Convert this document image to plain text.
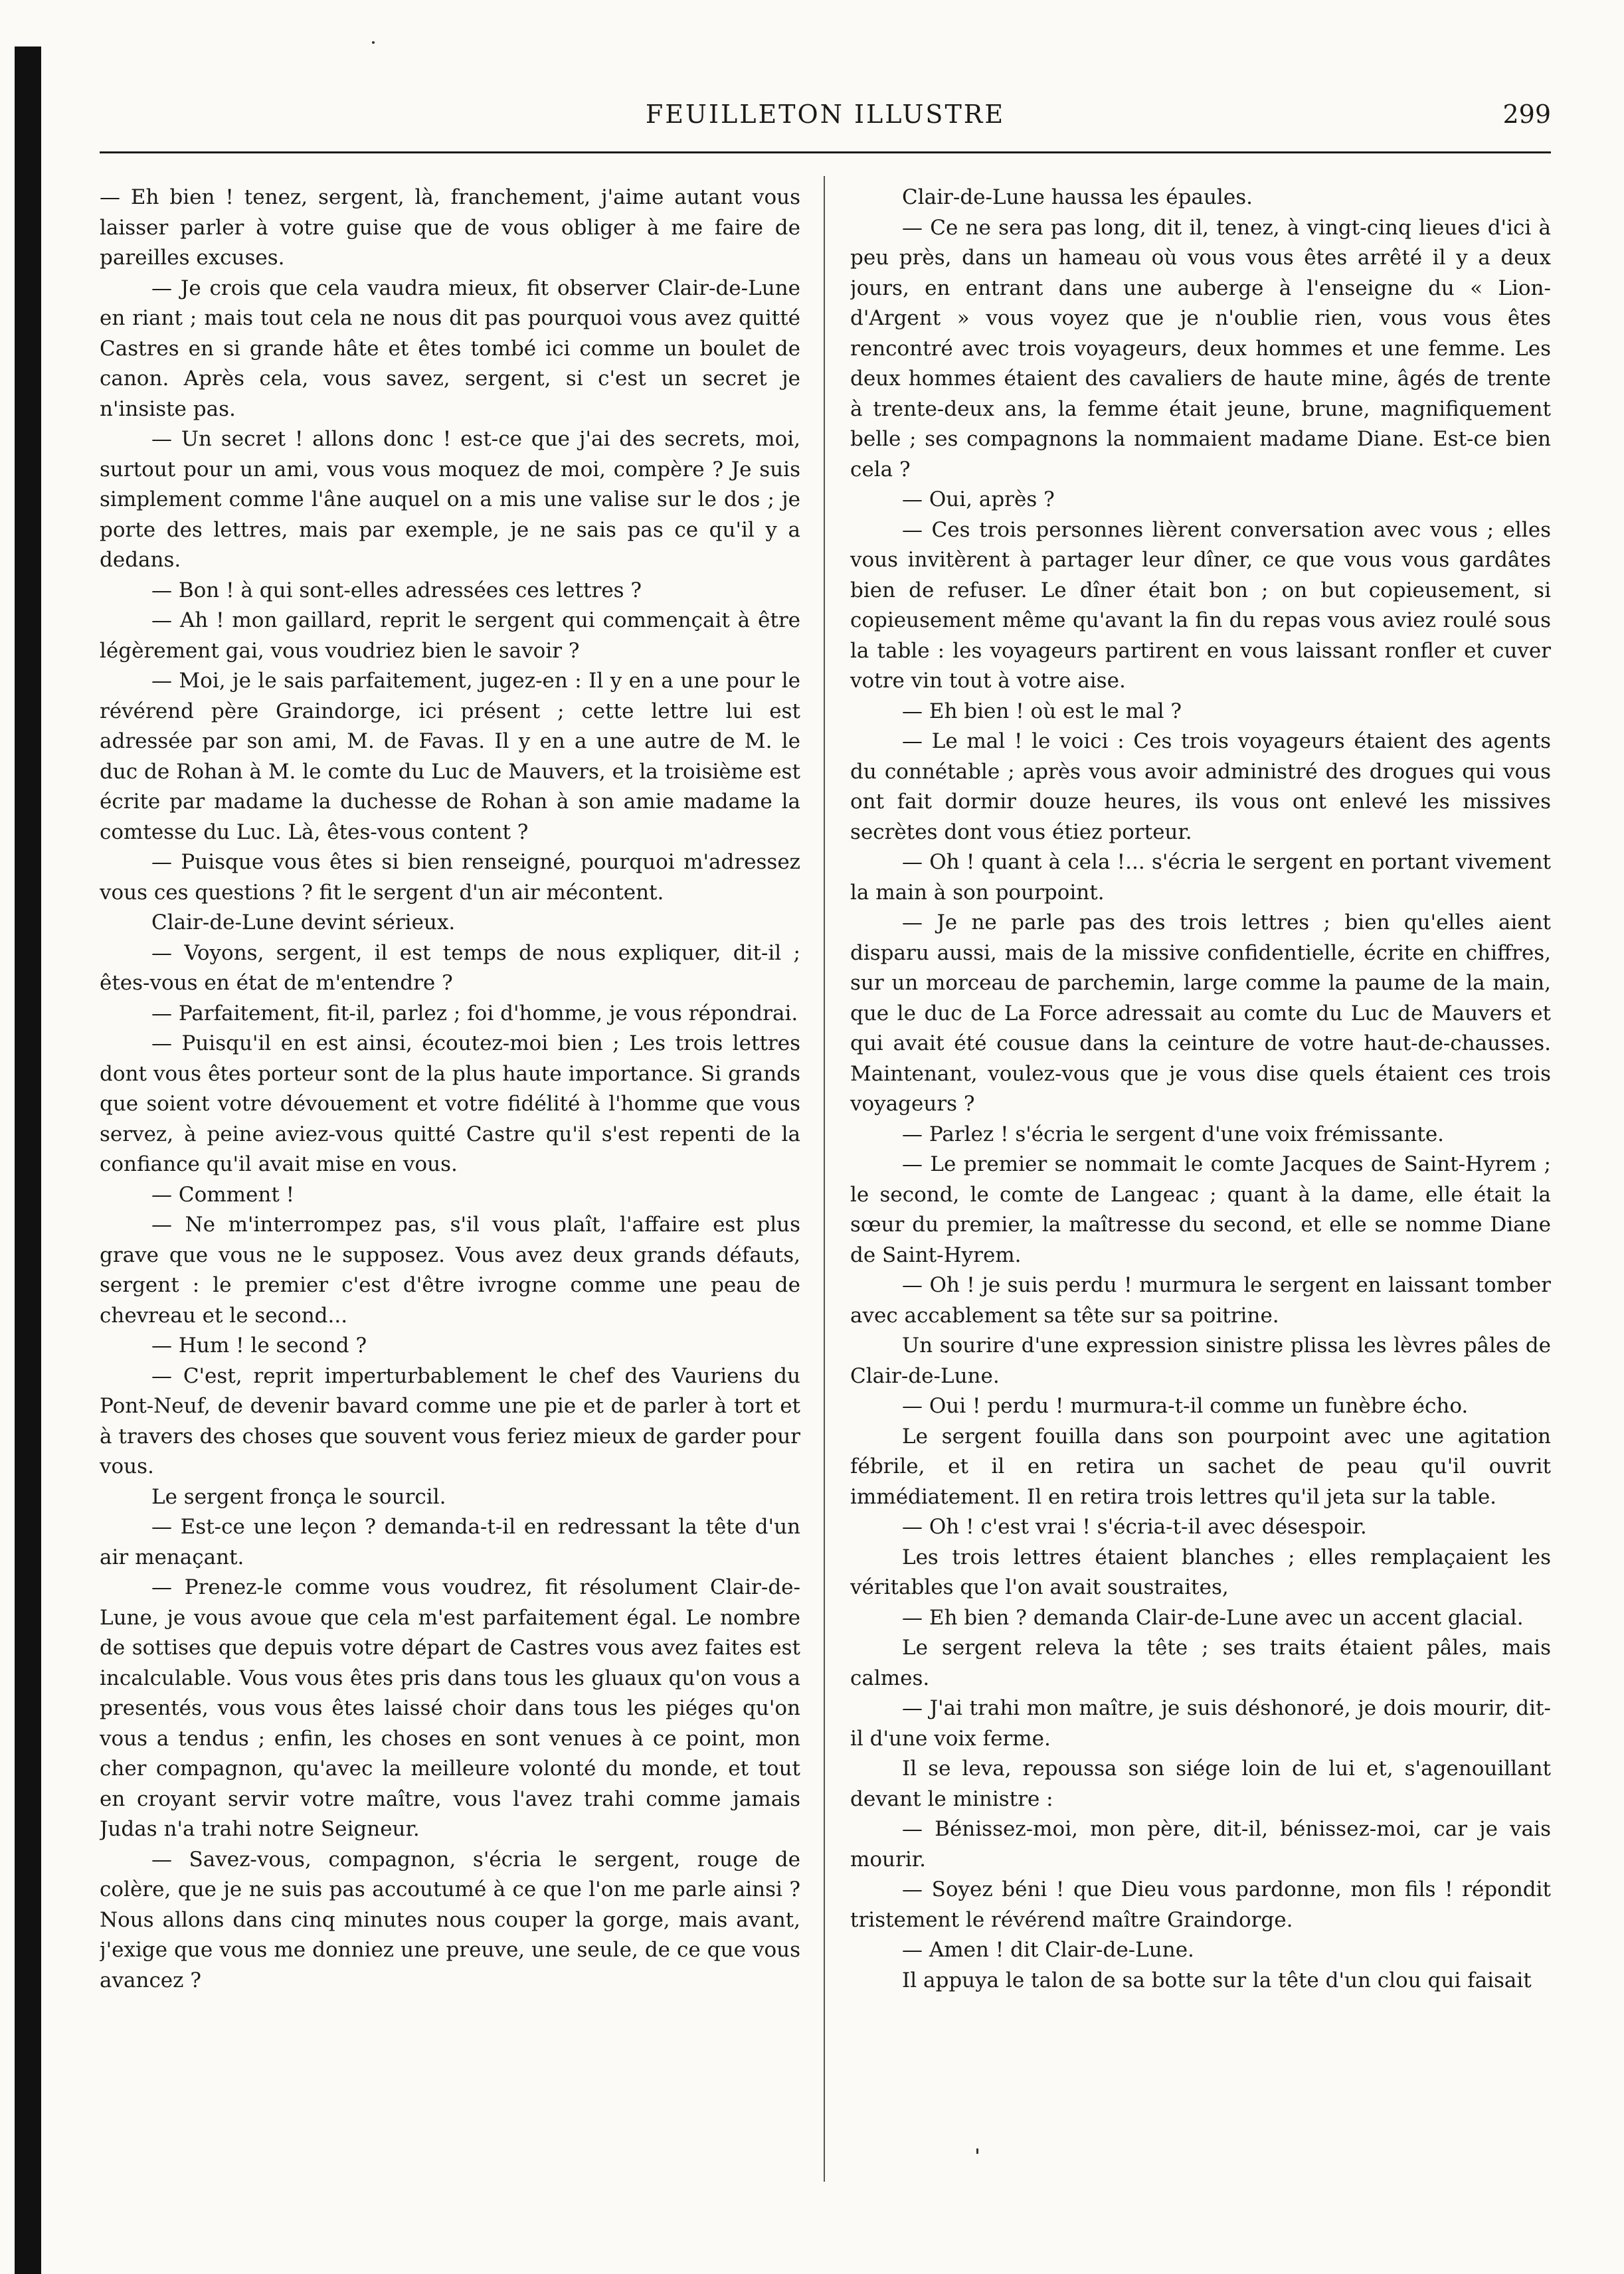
FEUILLETON ILLUSTRE	299

— Eh bien ! tenez, sergent, là, franchement, j'aime autant vous laisser parler à votre guise que de vous obliger à me faire de pareilles excuses.

— Je crois que cela vaudra mieux, fit observer Clair-de-Lune en riant ; mais tout cela ne nous dit pas pourquoi vous avez quitté Castres en si grande hâte et êtes tombé ici comme un boulet de canon. Après cela, vous savez, sergent, si c'est un secret je n'insiste pas.

— Un secret ! allons donc ! est-ce que j'ai des secrets, moi, surtout pour un ami, vous vous moquez de moi, compère ? Je suis simplement comme l'âne auquel on a mis une valise sur le dos ; je porte des lettres, mais par exemple, je ne sais pas ce qu'il y a dedans.

— Bon ! à qui sont-elles adressées ces lettres ?

— Ah ! mon gaillard, reprit le sergent qui commençait à être légèrement gai, vous voudriez bien le savoir ?

— Moi, je le sais parfaitement, jugez-en : Il y en a une pour le révérend père Graindorge, ici présent ; cette lettre lui est adressée par son ami, M. de Favas. Il y en a une autre de M. le duc de Rohan à M. le comte du Luc de Mauvers, et la troisième est écrite par madame la duchesse de Rohan à son amie madame la comtesse du Luc. Là, êtes-vous content ?

— Puisque vous êtes si bien renseigné, pourquoi m'adressez vous ces questions ? fit le sergent d'un air mécontent.

Clair-de-Lune devint sérieux.

— Voyons, sergent, il est temps de nous expliquer, dit-il ; êtes-vous en état de m'entendre ?

— Parfaitement, fit-il, parlez ; foi d'homme, je vous répondrai.

— Puisqu'il en est ainsi, écoutez-moi bien ; Les trois lettres dont vous êtes porteur sont de la plus haute importance. Si grands que soient votre dévouement et votre fidélité à l'homme que vous servez, à peine aviez-vous quitté Castre qu'il s'est repenti de la confiance qu'il avait mise en vous.

— Comment !

— Ne m'interrompez pas, s'il vous plaît, l'affaire est plus grave que vous ne le supposez. Vous avez deux grands défauts, sergent : le premier c'est d'être ivrogne comme une peau de chevreau et le second...

— Hum ! le second ?

— C'est, reprit imperturbablement le chef des Vauriens du Pont-Neuf, de devenir bavard comme une pie et de parler à tort et à travers des choses que souvent vous feriez mieux de garder pour vous.

Le sergent fronça le sourcil.

— Est-ce une leçon ? demanda-t-il en redressant la tête d'un air menaçant.

— Prenez-le comme vous voudrez, fit résolument Clair-de-Lune, je vous avoue que cela m'est parfaitement égal. Le nombre de sottises que depuis votre départ de Castres vous avez faites est incalculable. Vous vous êtes pris dans tous les gluaux qu'on vous a presentés, vous vous êtes laissé choir dans tous les piéges qu'on vous a tendus ; enfin, les choses en sont venues à ce point, mon cher compagnon, qu'avec la meilleure volonté du monde, et tout en croyant servir votre maître, vous l'avez trahi comme jamais Judas n'a trahi notre Seigneur.

— Savez-vous, compagnon, s'écria le sergent, rouge de colère, que je ne suis pas accoutumé à ce que l'on me parle ainsi ? Nous allons dans cinq minutes nous couper la gorge, mais avant, j'exige que vous me donniez une preuve, une seule, de ce que vous avancez ?

Clair-de-Lune haussa les épaules.

— Ce ne sera pas long, dit il, tenez, à vingt-cinq lieues d'ici à peu près, dans un hameau où vous vous êtes arrêté il y a deux jours, en entrant dans une auberge à l'enseigne du « Lion-d'Argent » vous voyez que je n'oublie rien, vous vous êtes rencontré avec trois voyageurs, deux hommes et une femme. Les deux hommes étaient des cavaliers de haute mine, âgés de trente à trente-deux ans, la femme était jeune, brune, magnifiquement belle ; ses compagnons la nommaient madame Diane. Est-ce bien cela ?

— Oui, après ?

— Ces trois personnes lièrent conversation avec vous ; elles vous invitèrent à partager leur dîner, ce que vous vous gardâtes bien de refuser. Le dîner était bon ; on but copieusement, si copieusement même qu'avant la fin du repas vous aviez roulé sous la table : les voyageurs partirent en vous laissant ronfler et cuver votre vin tout à votre aise.

— Eh bien ! où est le mal ?

— Le mal ! le voici : Ces trois voyageurs étaient des agents du connétable ; après vous avoir administré des drogues qui vous ont fait dormir douze heures, ils vous ont enlevé les missives secrètes dont vous étiez porteur.

— Oh ! quant à cela !... s'écria le sergent en portant vivement la main à son pourpoint.

— Je ne parle pas des trois lettres ; bien qu'elles aient disparu aussi, mais de la missive confidentielle, écrite en chiffres, sur un morceau de parchemin, large comme la paume de la main, que le duc de La Force adressait au comte du Luc de Mauvers et qui avait été cousue dans la ceinture de votre haut-de-chausses. Maintenant, voulez-vous que je vous dise quels étaient ces trois voyageurs ?

— Parlez ! s'écria le sergent d'une voix frémissante.

— Le premier se nommait le comte Jacques de Saint-Hyrem ; le second, le comte de Langeac ; quant à la dame, elle était la sœur du premier, la maîtresse du second, et elle se nomme Diane de Saint-Hyrem.

— Oh ! je suis perdu ! murmura le sergent en laissant tomber avec accablement sa tête sur sa poitrine.

Un sourire d'une expression sinistre plissa les lèvres pâles de Clair-de-Lune.

— Oui ! perdu ! murmura-t-il comme un funèbre écho.

Le sergent fouilla dans son pourpoint avec une agitation fébrile, et il en retira un sachet de peau qu'il ouvrit immédiatement. Il en retira trois lettres qu'il jeta sur la table.

— Oh ! c'est vrai ! s'écria-t-il avec désespoir.

Les trois lettres étaient blanches ; elles remplaçaient les véritables que l'on avait soustraites,

— Eh bien ? demanda Clair-de-Lune avec un accent glacial.

Le sergent releva la tête ; ses traits étaient pâles, mais calmes.

— J'ai trahi mon maître, je suis déshonoré, je dois mourir, dit-il d'une voix ferme.

Il se leva, repoussa son siége loin de lui et, s'agenouillant devant le ministre :

— Bénissez-moi, mon père, dit-il, bénissez-moi, car je vais mourir.

— Soyez béni ! que Dieu vous pardonne, mon fils ! répondit tristement le révérend maître Graindorge.

— Amen ! dit Clair-de-Lune.

Il appuya le talon de sa botte sur la tête d'un clou qui faisait
